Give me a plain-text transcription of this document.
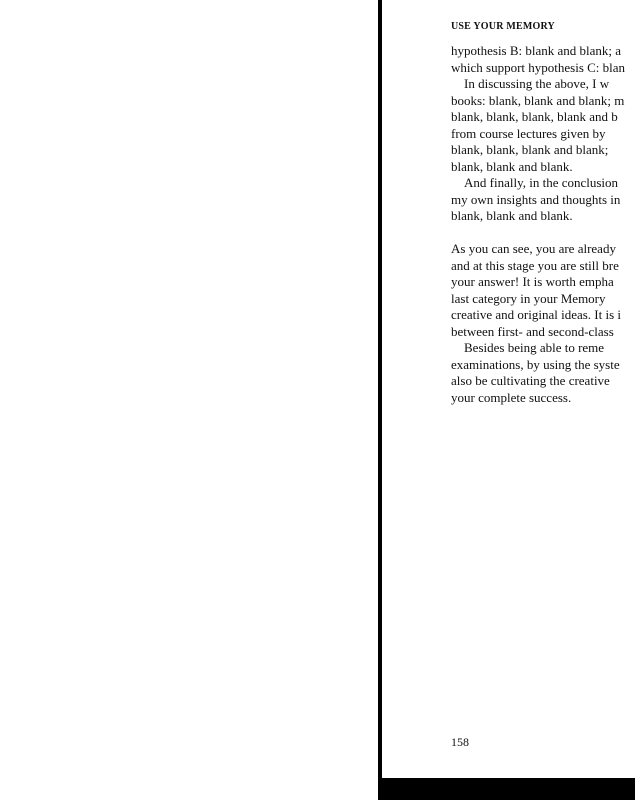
USE YOUR MEMORY
hypothesis B: blank and blank; a
which support hypothesis C: blan
In discussing the above, I w
books: blank, blank and blank; m
blank, blank, blank, blank and b
from course lectures given by
blank, blank, blank and blank;
blank, blank and blank.
And finally, in the conclusion
my own insights and thoughts in
blank, blank and blank.
As you can see, you are already
and at this stage you are still bre
your answer! It is worth empha
last category in your Memory
creative and original ideas. It is i
between first- and second-class
Besides being able to reme
examinations, by using the syste
also be cultivating the creative
your complete success.
158
